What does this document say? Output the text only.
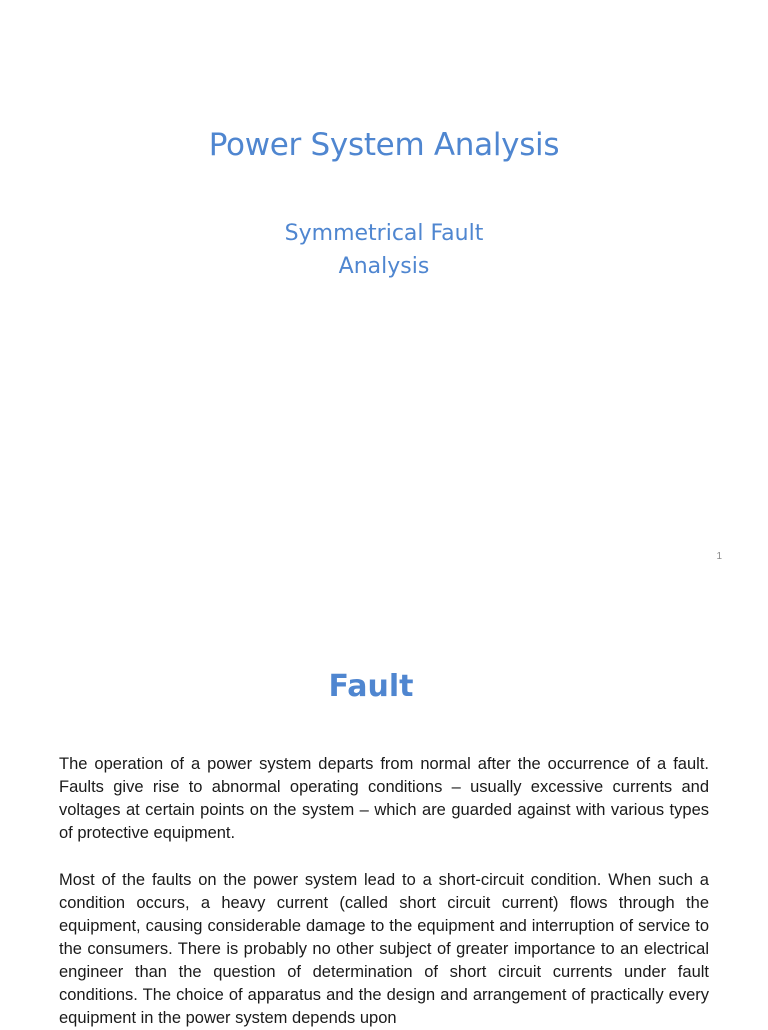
Power System Analysis
Symmetrical Fault
Analysis
1
Fault

The operation of a power system departs from normal after the occurrence of a fault. Faults give rise to abnormal operating conditions – usually excessive currents and voltages at certain points on the system – which are guarded against with various types of protective equipment.

Most of the faults on the power system lead to a short-circuit condition. When such a condition occurs, a heavy current (called short circuit current) flows through the equipment, causing considerable damage to the equipment and interruption of service to the consumers. There is probably no other subject of greater importance to an electrical engineer than the question of determination of short circuit currents under fault conditions. The choice of apparatus and the design and arrangement of practically every equipment in the power system depends upon
